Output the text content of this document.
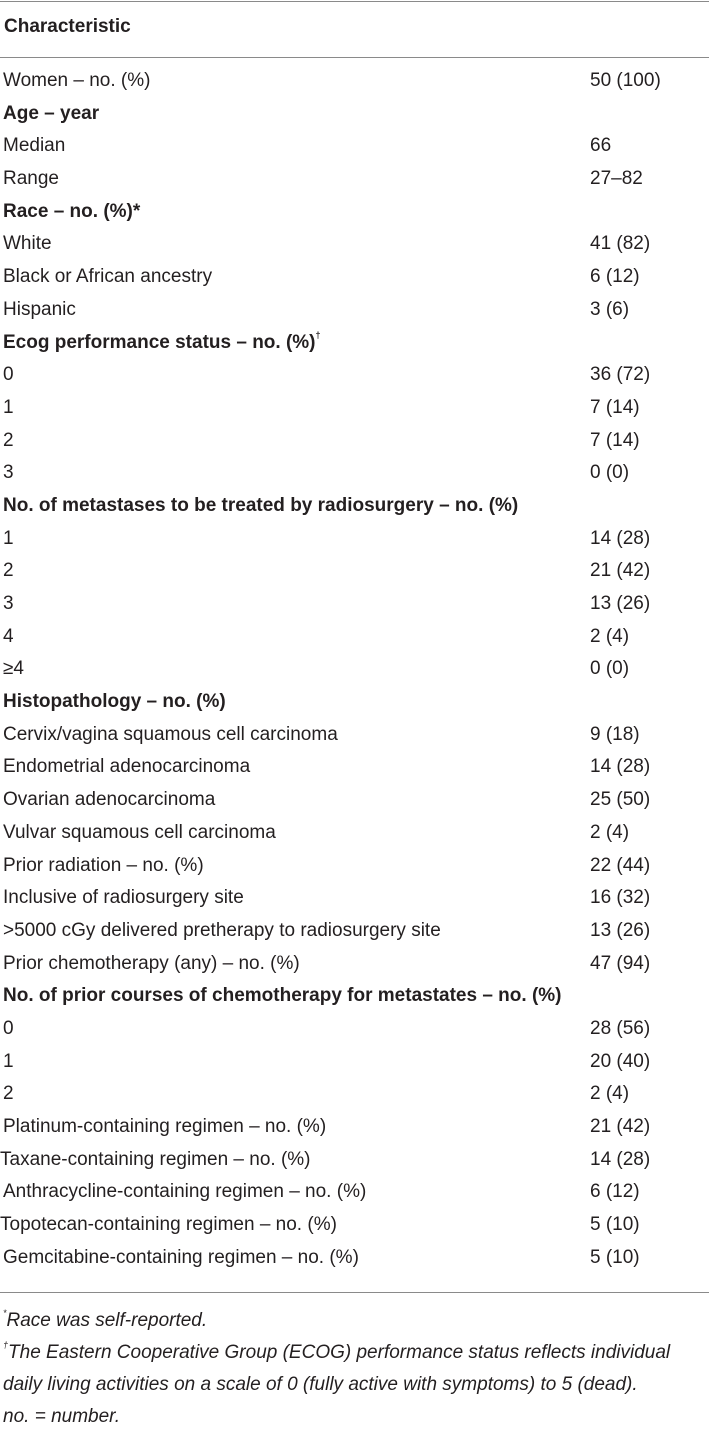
Characteristic
Women – no. (%)	50 (100)
Age – year
Median	66
Range	27–82
Race – no. (%)*
White	41 (82)
Black or African ancestry	6 (12)
Hispanic	3 (6)
Ecog performance status – no. (%)†
0	36 (72)
1	7 (14)
2	7 (14)
3	0 (0)
No. of metastases to be treated by radiosurgery – no. (%)
1	14 (28)
2	21 (42)
3	13 (26)
4	2 (4)
≥4	0 (0)
Histopathology – no. (%)
Cervix/vagina squamous cell carcinoma	9 (18)
Endometrial adenocarcinoma	14 (28)
Ovarian adenocarcinoma	25 (50)
Vulvar squamous cell carcinoma	2 (4)
Prior radiation – no. (%)	22 (44)
Inclusive of radiosurgery site	16 (32)
>5000 cGy delivered pretherapy to radiosurgery site	13 (26)
Prior chemotherapy (any) – no. (%)	47 (94)
No. of prior courses of chemotherapy for metastates – no. (%)
0	28 (56)
1	20 (40)
2	2 (4)
Platinum-containing regimen – no. (%)	21 (42)
Taxane-containing regimen – no. (%)	14 (28)
Anthracycline-containing regimen – no. (%)	6 (12)
Topotecan-containing regimen – no. (%)	5 (10)
Gemcitabine-containing regimen – no. (%)	5 (10)
*Race was self-reported.
†The Eastern Cooperative Group (ECOG) performance status reflects individual
daily living activities on a scale of 0 (fully active with symptoms) to 5 (dead).
no. = number.
